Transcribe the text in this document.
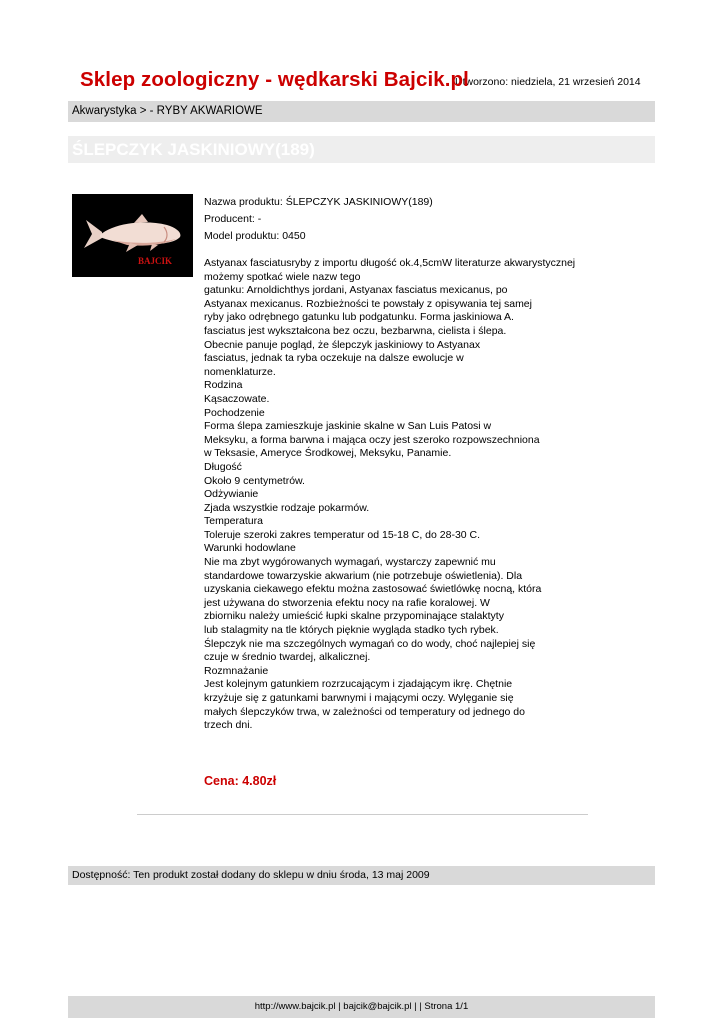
Utworzono: niedziela, 21 wrzesień 2014
Sklep zoologiczny - wędkarski Bajcik.pl
Akwarystyka > - RYBY AKWARIOWE
ŚLEPCZYK JASKINIOWY(189)
BAJCIK
Nazwa produktu: ŚLEPCZYK JASKINIOWY(189)
Producent: -
Model produktu: 0450
Astyanax fasciatusryby z importu długość ok.4,5cmW literaturze akwarystycznej
możemy spotkać wiele nazw tego
gatunku: Arnoldichthys jordani, Astyanax fasciatus mexicanus, po
Astyanax mexicanus. Rozbieżności te powstały z opisywania tej samej
ryby jako odrębnego gatunku lub podgatunku. Forma jaskiniowa A.
fasciatus jest wykształcona bez oczu, bezbarwna, cielista i ślepa.
Obecnie panuje pogląd, że ślepczyk jaskiniowy to Astyanax
fasciatus, jednak ta ryba oczekuje na dalsze ewolucje w
nomenklaturze.
Rodzina
Kąsaczowate.
Pochodzenie
Forma ślepa zamieszkuje jaskinie skalne w San Luis Patosi w
Meksyku, a forma barwna i mająca oczy jest szeroko rozpowszechniona
w Teksasie, Ameryce Środkowej, Meksyku, Panamie.
Długość
Około 9 centymetrów.
Odżywianie
Zjada wszystkie rodzaje pokarmów.
Temperatura
Toleruje szeroki zakres temperatur od 15-18 C, do 28-30 C.
Warunki hodowlane
Nie ma zbyt wygórowanych wymagań, wystarczy zapewnić mu
standardowe towarzyskie akwarium (nie potrzebuje oświetlenia). Dla
uzyskania ciekawego efektu można zastosować świetlówkę nocną, która
jest używana do stworzenia efektu nocy na rafie koralowej. W
zbiorniku należy umieścić łupki skalne przypominające stalaktyty
lub stalagmity na tle których pięknie wygląda stadko tych rybek.
Ślepczyk nie ma szczególnych wymagań co do wody, choć najlepiej się
czuje w średnio twardej, alkalicznej.
Rozmnażanie
Jest kolejnym gatunkiem rozrzucającym i zjadającym ikrę. Chętnie
krzyżuje się z gatunkami barwnymi i mającymi oczy. Wylęganie się
małych ślepczyków trwa, w zależności od temperatury od jednego do
trzech dni.
Cena: 4.80zł
Dostępność: Ten produkt został dodany do sklepu w dniu środa, 13 maj 2009
http://www.bajcik.pl | bajcik@bajcik.pl | | Strona 1/1
